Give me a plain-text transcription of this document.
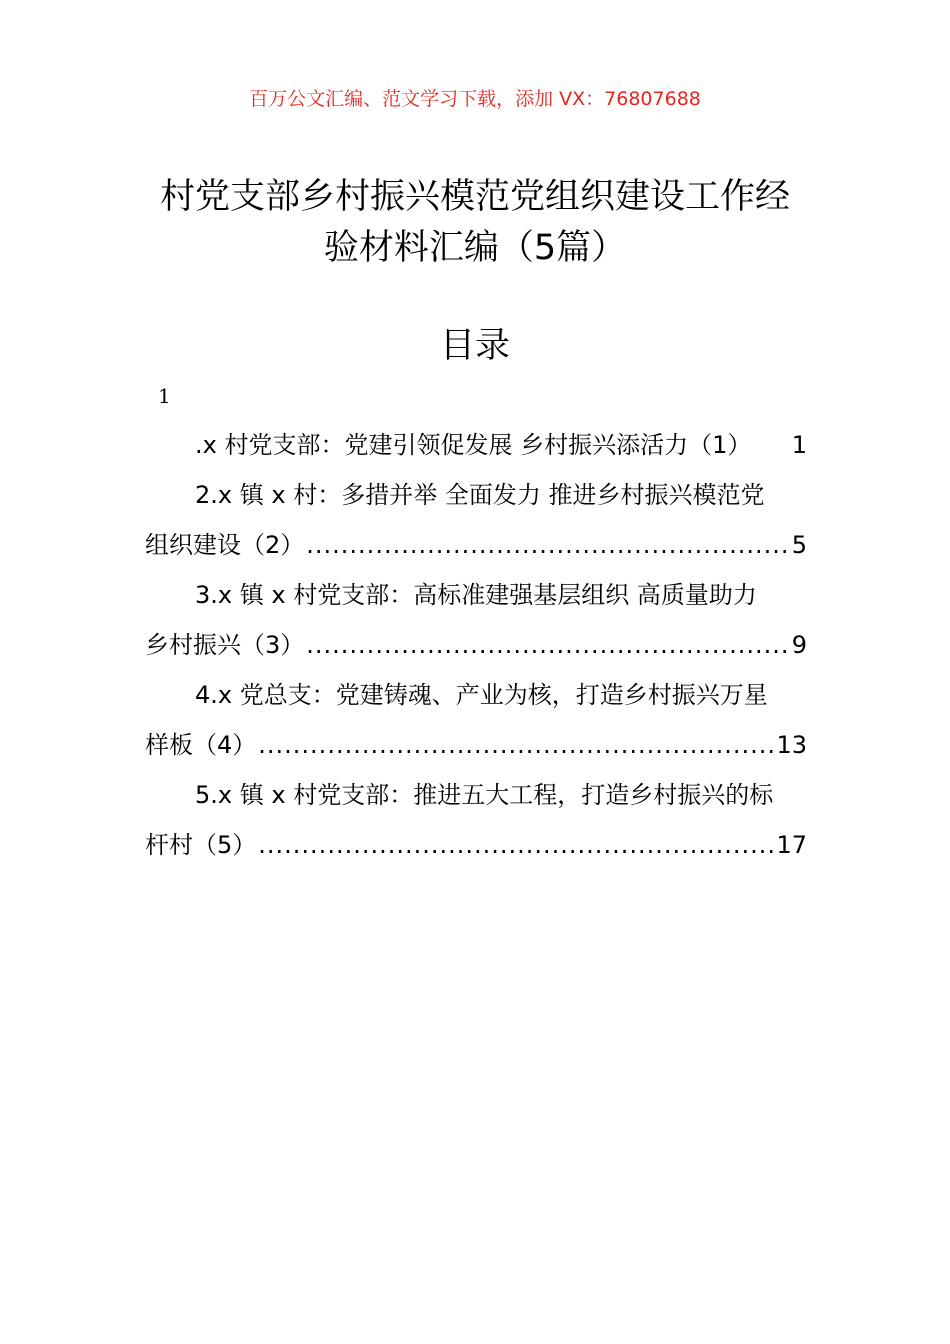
百万公文汇编、范文学习下载，添加 VX：76807688
村党支部乡村振兴模范党组织建设工作经
验材料汇编（5篇）
目录
1
.x 村党支部：党建引领促发展 乡村振兴添活力（1） 1
2.x 镇 x 村：多措并举 全面发力 推进乡村振兴模范党
组织建设（2） .....	5
3.x 镇 x 村党支部：高标准建强基层组织 高质量助力
乡村振兴（3） .....	9
4.x 党总支：党建铸魂、产业为核，打造乡村振兴万星
样板（4） .....	13
5.x 镇 x 村党支部：推进五大工程，打造乡村振兴的标
杆村（5） .....	17
